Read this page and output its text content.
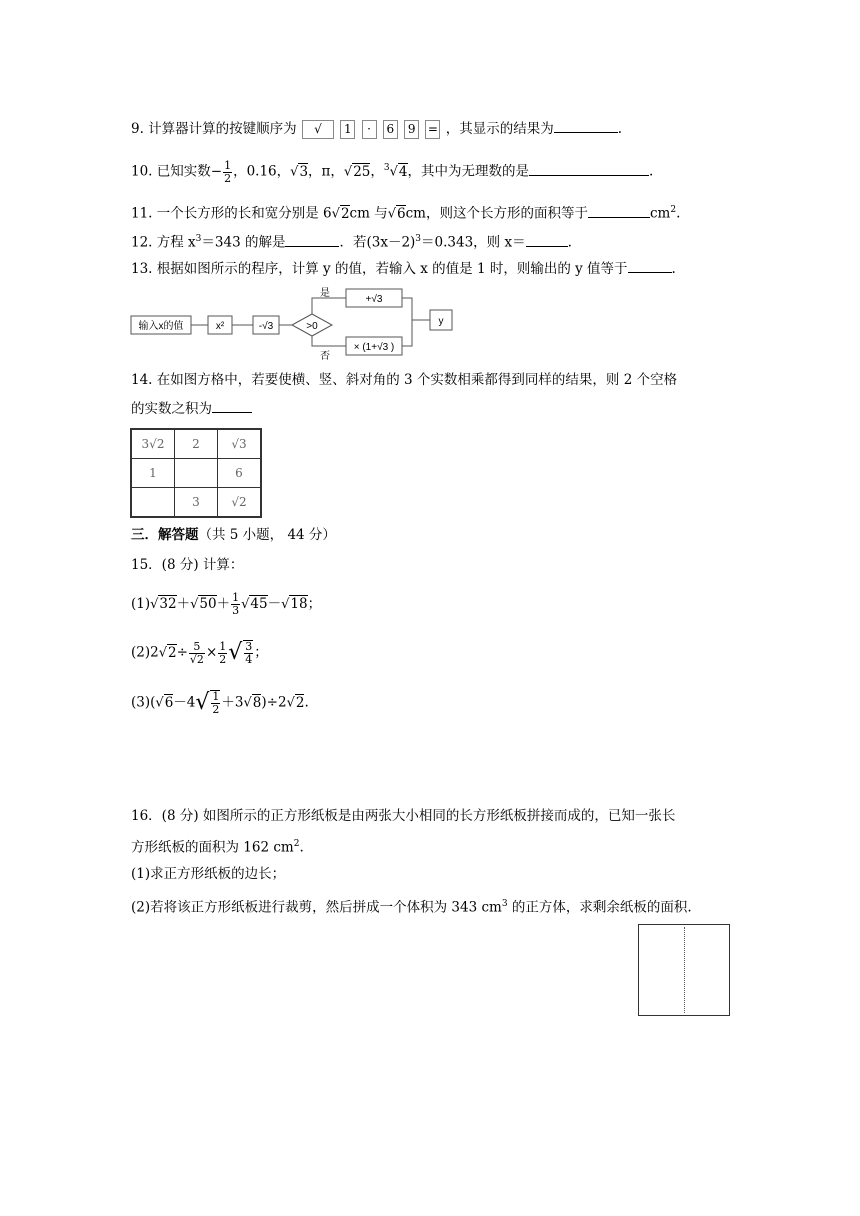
9. 计算器计算的按键顺序为 √ 1 · 6 9 = ，其显示的结果为	.
10. 已知实数− $\frac{1}{2}$ ，0.16，√3，π，√25，$^3$√4，其中为无理数的是	.
11. 一个长方形的长和宽分别是 6√2cm 与√6cm，则这个长方形的面积等于	$cm^2$.
12. 方程 $x^3=343$ 的解是	．若$(3x-2)^3=0.343$，则 x＝	.
13. 根据如图所示的程序，计算 y 的值，若输入 x 的值是 1 时，则输出的 y 值等于	.
输入x的值	x²	-√3	>0
是
+√3
否
× (1+√3 )
y
14. 在如图方格中，若要使横、竖、斜对角的 3 个实数相乘都得到同样的结果，则 2 个空格
的实数之积为
3√2	2	√3
1		6
	3	√2
三．解答题（共 5 小题， 44 分）
15．(8 分) 计算：
$(1)√32+√50+ \frac{1}{3} √45-√18$；
$(2)2√2\div \frac{5}{√2} \times \frac{1}{2}$ √ $\frac{3}{4}$ ；
$(3)(√6-4√ \frac{1}{2} +3√8)\div 2√2$.
16．(8 分) 如图所示的正方形纸板是由两张大小相同的长方形纸板拼接而成的，已知一张长
方形纸板的面积为 162 $cm^2$.
(1)求正方形纸板的边长；
(2)若将该正方形纸板进行裁剪，然后拼成一个体积为 343 $cm^3$ 的正方体，求剩余纸板的面积.
